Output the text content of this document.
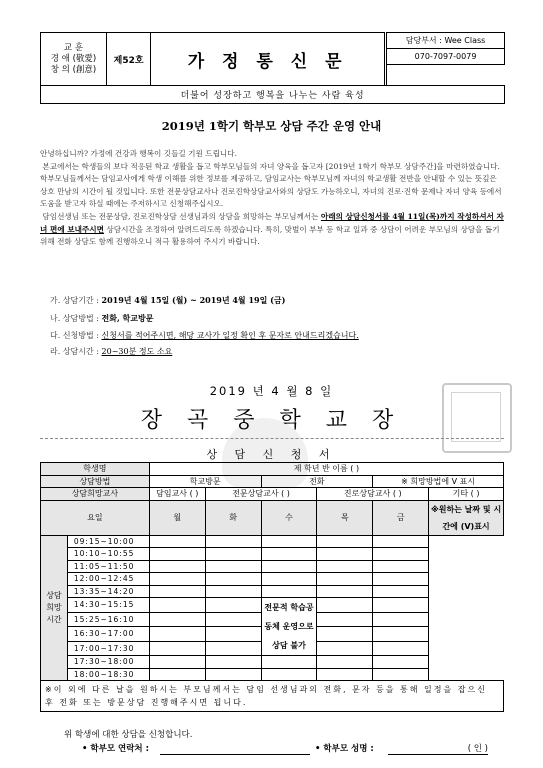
교 훈
경 애 (敬愛)
창 의 (創意)
	제52호	가 정 통 신 문		담당부서 : Wee Class
070-7097-0079

더불어 성장하고 행복을 나누는 사람 육성
2019년 1학기 학부모 상담 주간 운영 안내

안녕하십니까? 가정에 건강과 행복이 깃들길 기원 드립니다.

본교에서는 학생들의 보다 적응된 학교 생활을 돕고 학부모님들의 자녀 양육을 돕고자 [2019년 1학기 학부모 상담주간]을 마련하였습니다. 학부모님들께서는 담임교사에게 학생 이해를 위한 정보를 제공하고, 담임교사는 학부모님께 자녀의 학교생활 전반을 안내할 수 있는 뜻깊은 상호 만남의 시간이 될 것입니다. 또한 전문상담교사나 진로진학상담교사와의 상담도 가능하오니, 자녀의 진로·진학 문제나 자녀 양육 등에서 도움을 받고자 하실 때에는 주저하시고 신청해주십시오.

담임선생님 또는 전문상담, 진로진학상담 선생님과의 상담을 희망하는 부모님께서는 아래의 상담신청서를 4월 11일(목)까지 작성하셔서 자녀 편에 보내주시면 상담시간을 조정하여 알려드리도록 하겠습니다. 특히, 맞벌이 부부 등 학교 일과 중 상담이 어려운 부모님의 상담을 돕기 위해 전화 상담도 함께 진행하오니 적극 활용하여 주시기 바랍니다.

가. 상담기간 : 2019년 4월 15일 (월) ~ 2019년 4월 19일 (금)
나. 상담방법 : 전화, 학교방문
다. 신청방법 : 신청서를 적어주시면, 해당 교사가 일정 확인 후 문자로 안내드리겠습니다.
라. 상담시간 : 20~30분 정도 소요
2019 년 4 월 8 일
장 곡 중 학 교 장
상 담 신 청 서
학생명		제 학년 반 이름 ( )					
상담방법		학교방문		전화		※ 희망방법에 V 표시	
상담희망교사		담임교사 ( )	전문상담교사 ( )		진로상담교사 ( )		기타 ( )
요일		월	화	수	목	금	※원하는 날짜 및 시간에 (V)표시

상담
희망
시간	09:15~10:00						
	10:10~10:55						
	11:05~11:50						
	12:00~12:45						
	13:35~14:20						
	14:30~15:15			전문적 학습공동체 운영으로 상담 불가			
	15:25~16:10						
	16:30~17:00						
	17:00~17:30						
	17:30~18:00						
	18:00~18:30						
※이 외에 다른 날을 원하시는 부모님께서는 담임 선생님과의 전화, 문자 등을 통해 일정을 잡으신 후 전화 또는 방문상담 진행해주시면 됩니다.							
위 학생에 대한 상담을 신청합니다.
• 학부모 연락처 :	• 학부모 성명 :	( 인 )
